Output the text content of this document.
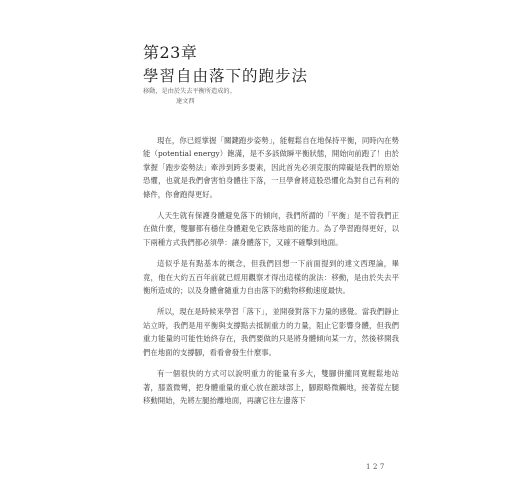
第23章
學習自由落下的跑步法
移動，是由於失去平衡所造成的。
達文西

現在，你已經掌握「關鍵跑步姿勢」，能輕鬆自在地保持平衡，同時內在勢能（potential energy）飽滿，是不多該做瞬平衡狀態，開始向前跑了！由於掌握「跑步姿勢法」牽涉到跨多要素，因此首先必須克服的障礙是我們的原始恐懼，也就是我們會害怕身體往下落，一旦學會將這股恐懼化為對自己有利的條件，你會跑得更好。

人天生就有保護身體避免落下的傾向，我們所謂的「平衡」是不管我們正在做什麼，雙腳都有穩住身體避免它跌落地面的能力。為了學習跑得更好，以下兩種方式我們都必須學：讓身體落下，又確不確擊到地面。

這似乎是有點基本的概念，但我們回想一下前面提到的達文西理論，畢竟，他在大約五百年前就已經用觀察才得出這樣的說法：移動，是由於失去平衡所造成的；以及身體會隨重力自由落下的動物移動速度最快。

所以，現在是時候來學習「落下」，並開發對落下力量的感覺。當我們靜止站立時，我們是用平衡與支撐點去抵制重力的力量，阻止它影響身體，但我們重力能量的可能性始終存在，我們要做的只是將身體傾向某一方，然後移開我們在地面的支撐腳，看看會發生什麼事。

有一個很快的方式可以說明重力的能量有多大，雙腳併攏同寬輕鬆地站著，膝蓋微彎，把身體重量的重心放在蹠球部上，腳跟略微觸地，接著從左腿移動開始，先將左腿抬離地面，再讓它往左邊落下

127
